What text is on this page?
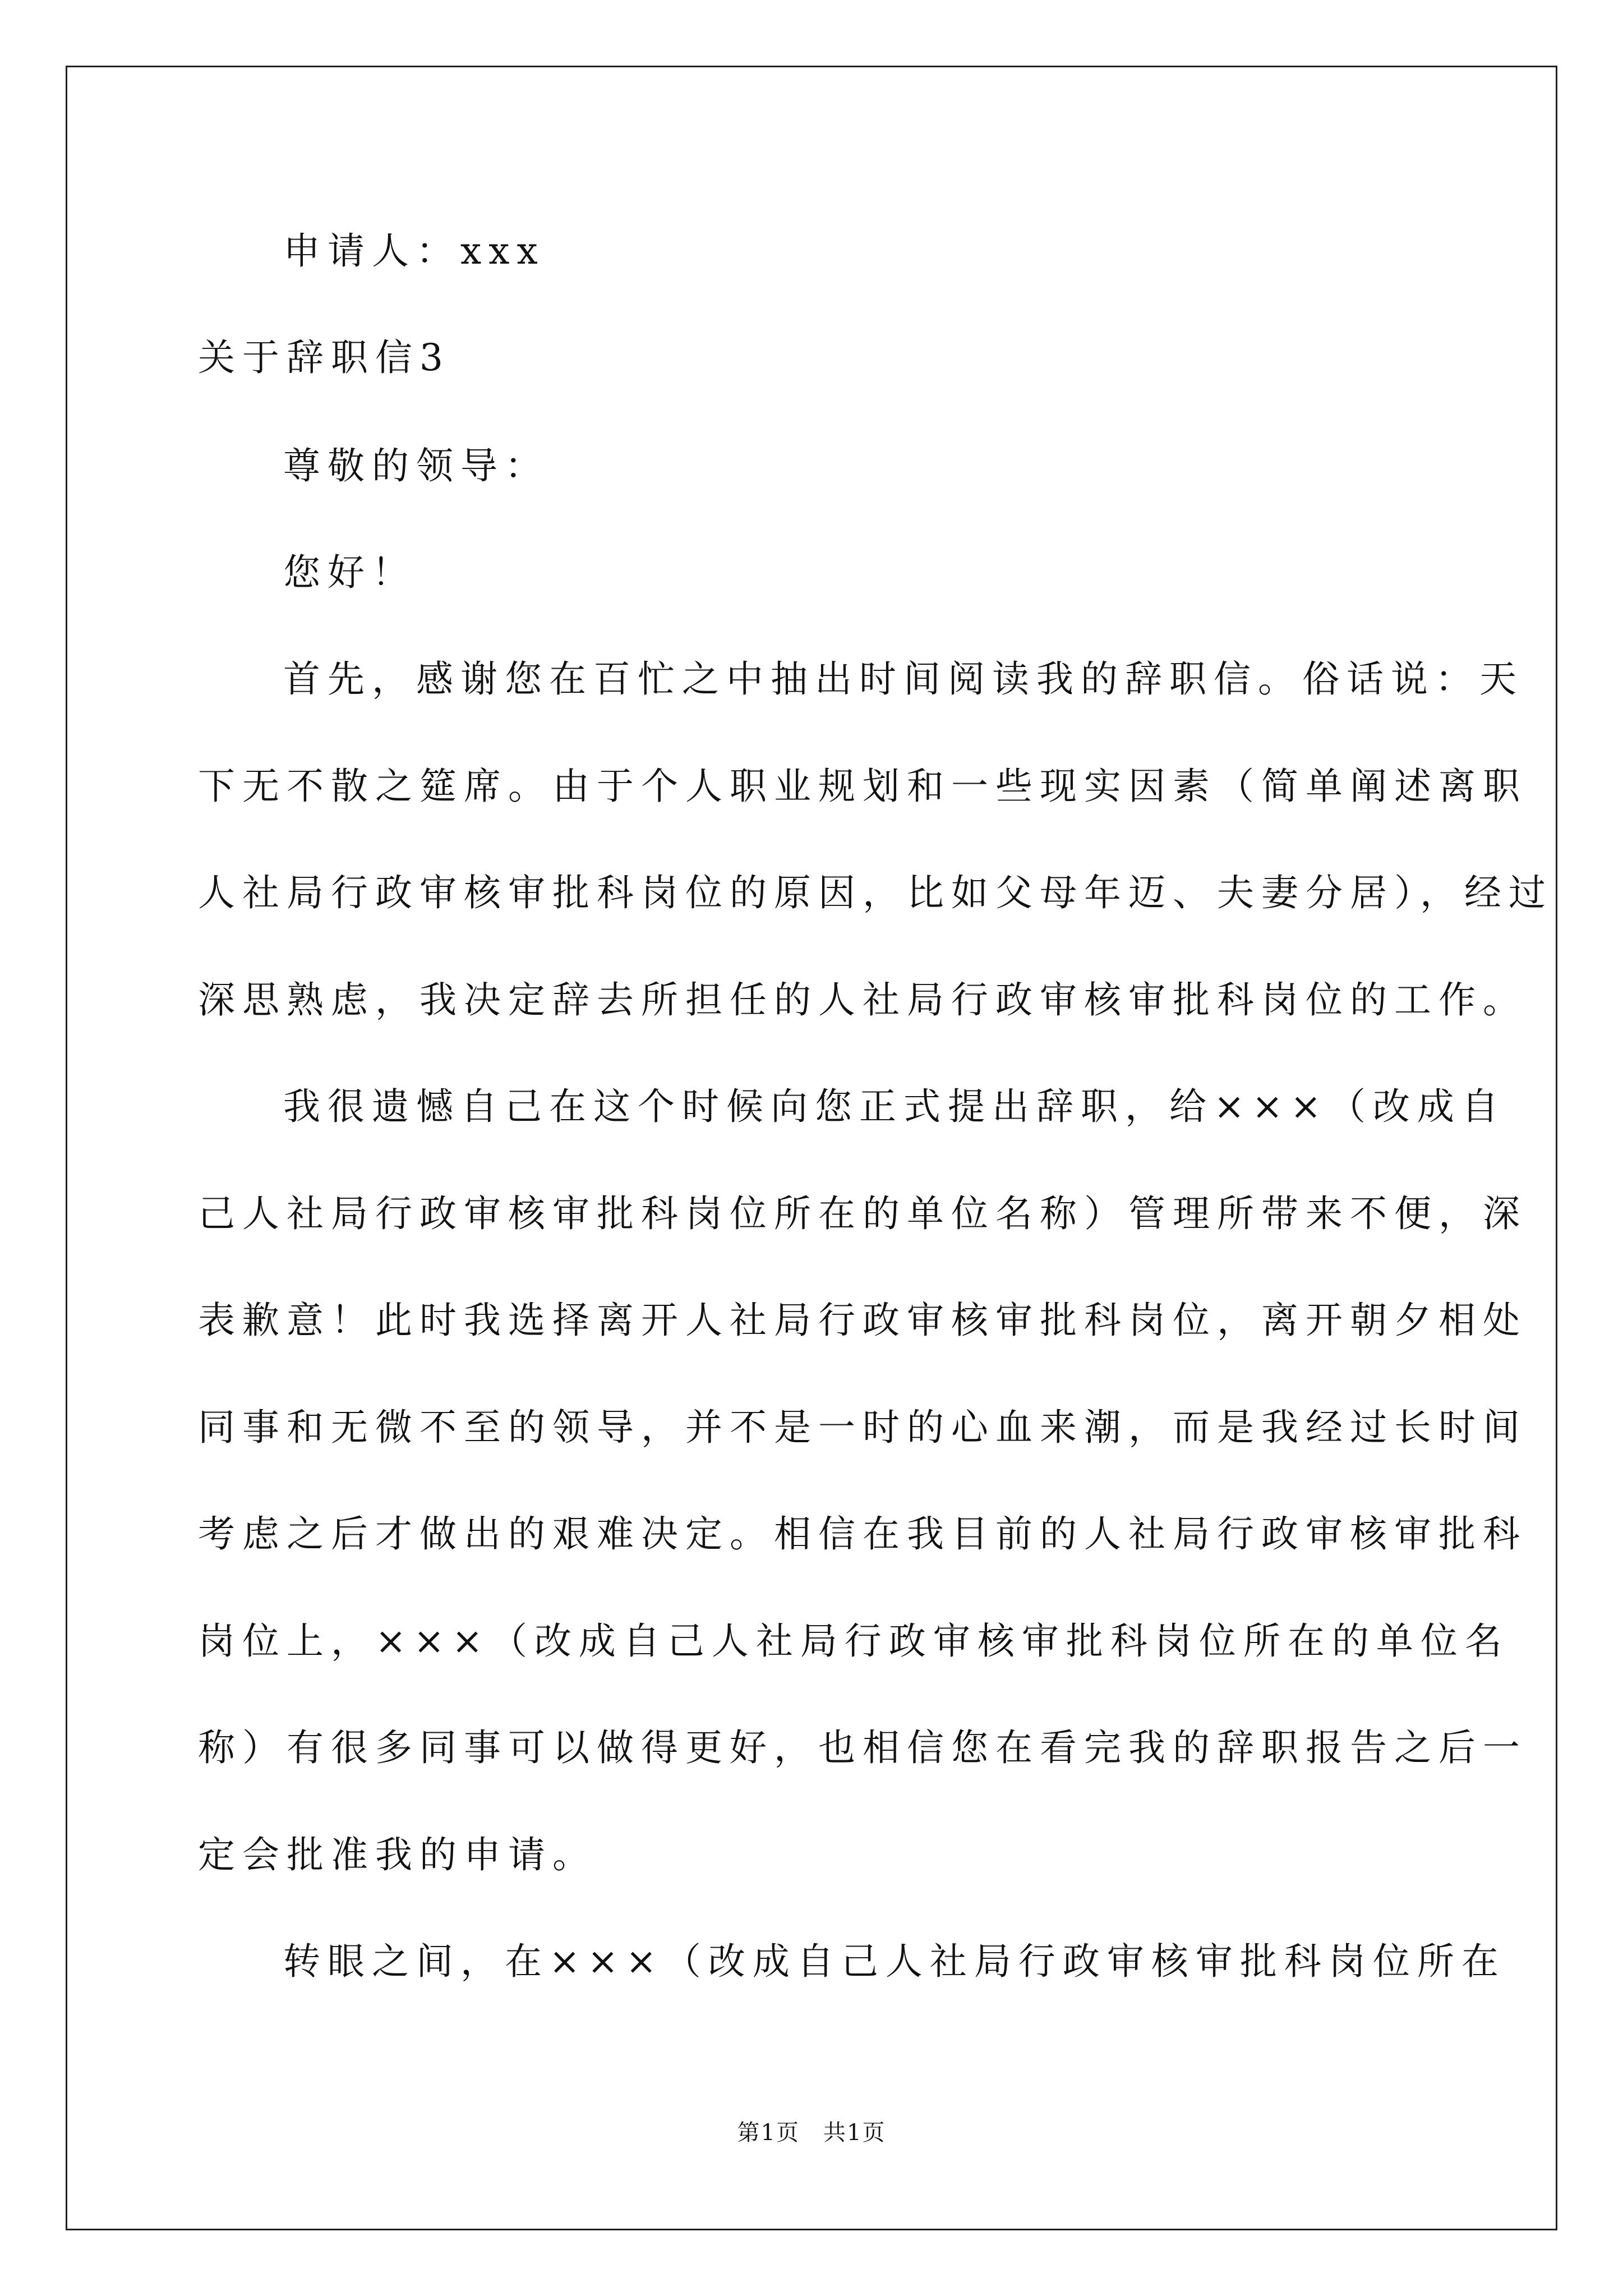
申请人：xxx
关于辞职信3
尊敬的领导：
您好！
首先，感谢您在百忙之中抽出时间阅读我的辞职信。俗话说：天
下无不散之筵席。由于个人职业规划和一些现实因素（简单阐述离职
人社局行政审核审批科岗位的原因，比如父母年迈、夫妻分居），经过
深思熟虑，我决定辞去所担任的人社局行政审核审批科岗位的工作。
我很遗憾自己在这个时候向您正式提出辞职，给×××（改成自
己人社局行政审核审批科岗位所在的单位名称）管理所带来不便，深
表歉意！此时我选择离开人社局行政审核审批科岗位，离开朝夕相处
同事和无微不至的领导，并不是一时的心血来潮，而是我经过长时间
考虑之后才做出的艰难决定。相信在我目前的人社局行政审核审批科
岗位上，×××（改成自己人社局行政审核审批科岗位所在的单位名
称）有很多同事可以做得更好，也相信您在看完我的辞职报告之后一
定会批准我的申请。
转眼之间，在×××（改成自己人社局行政审核审批科岗位所在
第1页　共1页
